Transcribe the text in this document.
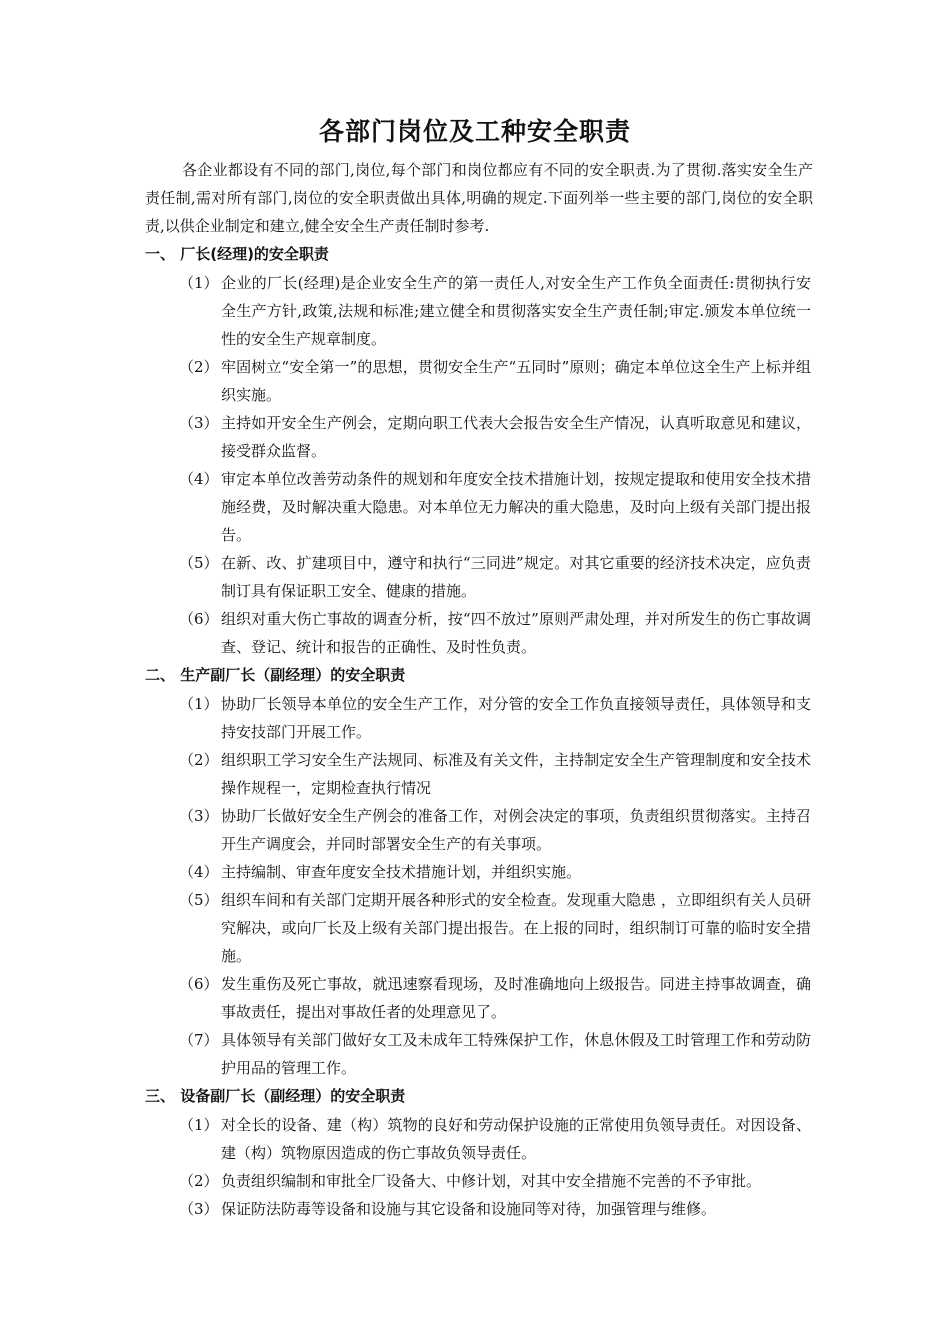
各部门岗位及工种安全职责

各企业都设有不同的部门,岗位,每个部门和岗位都应有不同的安全职责.为了贯彻.落实安全生产责任制,需对所有部门,岗位的安全职责做出具体,明确的规定.下面列举一些主要的部门,岗位的安全职责,以供企业制定和建立,健全安全生产责任制时参考.

一、 厂长(经理)的安全职责
（1） 企业的厂长(经理)是企业安全生产的第一责任人,对安全生产工作负全面责任:贯彻执行安全生产方针,政策,法规和标准;建立健全和贯彻落实安全生产责任制;审定.颁发本单位统一性的安全生产规章制度。
（2） 牢固树立“安全第一”的思想，贯彻安全生产“五同时”原则；确定本单位这全生产上标并组织实施。
（3） 主持如开安全生产例会，定期向职工代表大会报告安全生产情况，认真听取意见和建议，接受群众监督。
（4） 审定本单位改善劳动条件的规划和年度安全技术措施计划，按规定提取和使用安全技术措施经费，及时解决重大隐患。对本单位无力解决的重大隐患，及时向上级有关部门提出报告。
（5） 在新、改、扩建项目中，遵守和执行“三同进”规定。对其它重要的经济技术决定，应负责制订具有保证职工安全、健康的措施。
（6） 组织对重大伤亡事故的调查分析，按“四不放过”原则严肃处理，并对所发生的伤亡事故调查、登记、统计和报告的正确性、及时性负责。
二、 生产副厂长（副经理）的安全职责
（1） 协助厂长领导本单位的安全生产工作，对分管的安全工作负直接领导责任，具体领导和支持安技部门开展工作。
（2） 组织职工学习安全生产法规同、标准及有关文件，主持制定安全生产管理制度和安全技术操作规程一，定期检查执行情况
（3） 协助厂长做好安全生产例会的准备工作，对例会决定的事项，负责组织贯彻落实。主持召开生产调度会，并同时部署安全生产的有关事项。
（4） 主持编制、审查年度安全技术措施计划，并组织实施。
（5） 组织车间和有关部门定期开展各种形式的安全检查。发现重大隐患 ，立即组织有关人员研究解决，或向厂长及上级有关部门提出报告。在上报的同时，组织制订可靠的临时安全措施。
（6） 发生重伤及死亡事故，就迅速察看现场，及时准确地向上级报告。同进主持事故调查，确事故责任，提出对事故任者的处理意见了。
（7） 具体领导有关部门做好女工及未成年工特殊保护工作，休息休假及工时管理工作和劳动防护用品的管理工作。
三、 设备副厂长（副经理）的安全职责
（1） 对全长的设备、建（构）筑物的良好和劳动保护设施的正常使用负领导责任。对因设备、建（构）筑物原因造成的伤亡事故负领导责任。
（2） 负责组织编制和审批全厂设备大、中修计划，对其中安全措施不完善的不予审批。
（3） 保证防法防毒等设备和设施与其它设备和设施同等对待，加强管理与维修。
